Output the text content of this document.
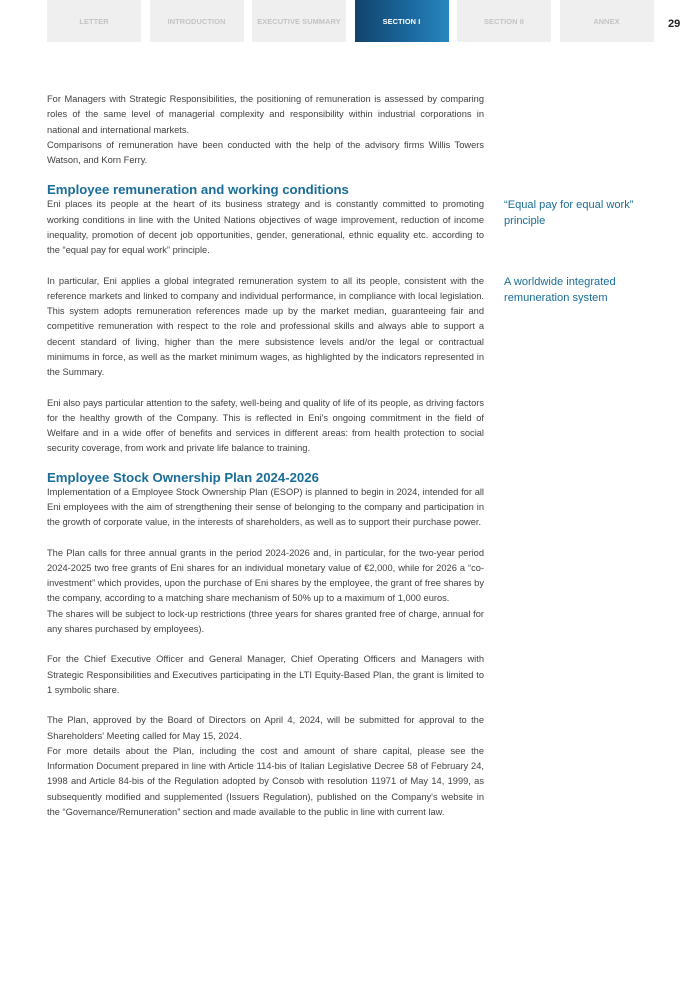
LETTER	INTRODUCTION	EXECUTIVE SUMMARY	SECTION I	SECTION II	ANNEX	29

For Managers with Strategic Responsibilities, the positioning of remuneration is assessed by comparing roles of the same level of managerial complexity and responsibility within industrial corporations in national and international markets.

Comparisons of remuneration have been conducted with the help of the advisory firms Willis Towers Watson, and Korn Ferry.

Employee remuneration and working conditions

Eni places its people at the heart of its business strategy and is constantly committed to promoting working conditions in line with the United Nations objectives of wage improvement, reduction of income inequality, promotion of decent job opportunities, gender, generational, ethnic equality etc. according to the “equal pay for equal work” principle.

In particular, Eni applies a global integrated remuneration system to all its people, consistent with the reference markets and linked to company and individual performance, in compliance with local legislation. This system adopts remuneration references made up by the market median, guaranteeing fair and competitive remuneration with respect to the role and professional skills and always able to support a decent standard of living, higher than the mere subsistence levels and/or the legal or contractual minimums in force, as well as the market minimum wages, as highlighted by the indicators represented in the Summary.

Eni also pays particular attention to the safety, well-being and quality of life of its people, as driving factors for the healthy growth of the Company. This is reflected in Eni's ongoing commitment in the field of Welfare and in a wide offer of benefits and services in different areas: from health protection to social security coverage, from work and private life balance to training.

Employee Stock Ownership Plan 2024-2026

Implementation of a Employee Stock Ownership Plan (ESOP) is planned to begin in 2024, intended for all Eni employees with the aim of strengthening their sense of belonging to the company and participation in the growth of corporate value, in the interests of shareholders, as well as to support their purchase power.

The Plan calls for three annual grants in the period 2024-2026 and, in particular, for the two-year period 2024-2025 two free grants of Eni shares for an individual monetary value of €2,000, while for 2026 a “co- investment” which provides, upon the purchase of Eni shares by the employee, the grant of free shares by the company, according to a matching share mechanism of 50% up to a maximum of 1,000 euros.

The shares will be subject to lock-up restrictions (three years for shares granted free of charge, annual for any shares purchased by employees).

For the Chief Executive Officer and General Manager, Chief Operating Officers and Managers with Strategic Responsibilities and Executives participating in the LTI Equity-Based Plan, the grant is limited to 1 symbolic share.

The Plan, approved by the Board of Directors on April 4, 2024, will be submitted for approval to the Shareholders' Meeting called for May 15, 2024.

For more details about the Plan, including the cost and amount of share capital, please see the Information Document prepared in line with Article 114-bis of Italian Legislative Decree 58 of February 24, 1998 and Article 84-bis of the Regulation adopted by Consob with resolution 11971 of May 14, 1999, as subsequently modified and supplemented (Issuers Regulation), published on the Company's website in the “Governance/Remuneration” section and made available to the public in line with current law.

“Equal pay for equal work” principle
A worldwide integrated remuneration system
